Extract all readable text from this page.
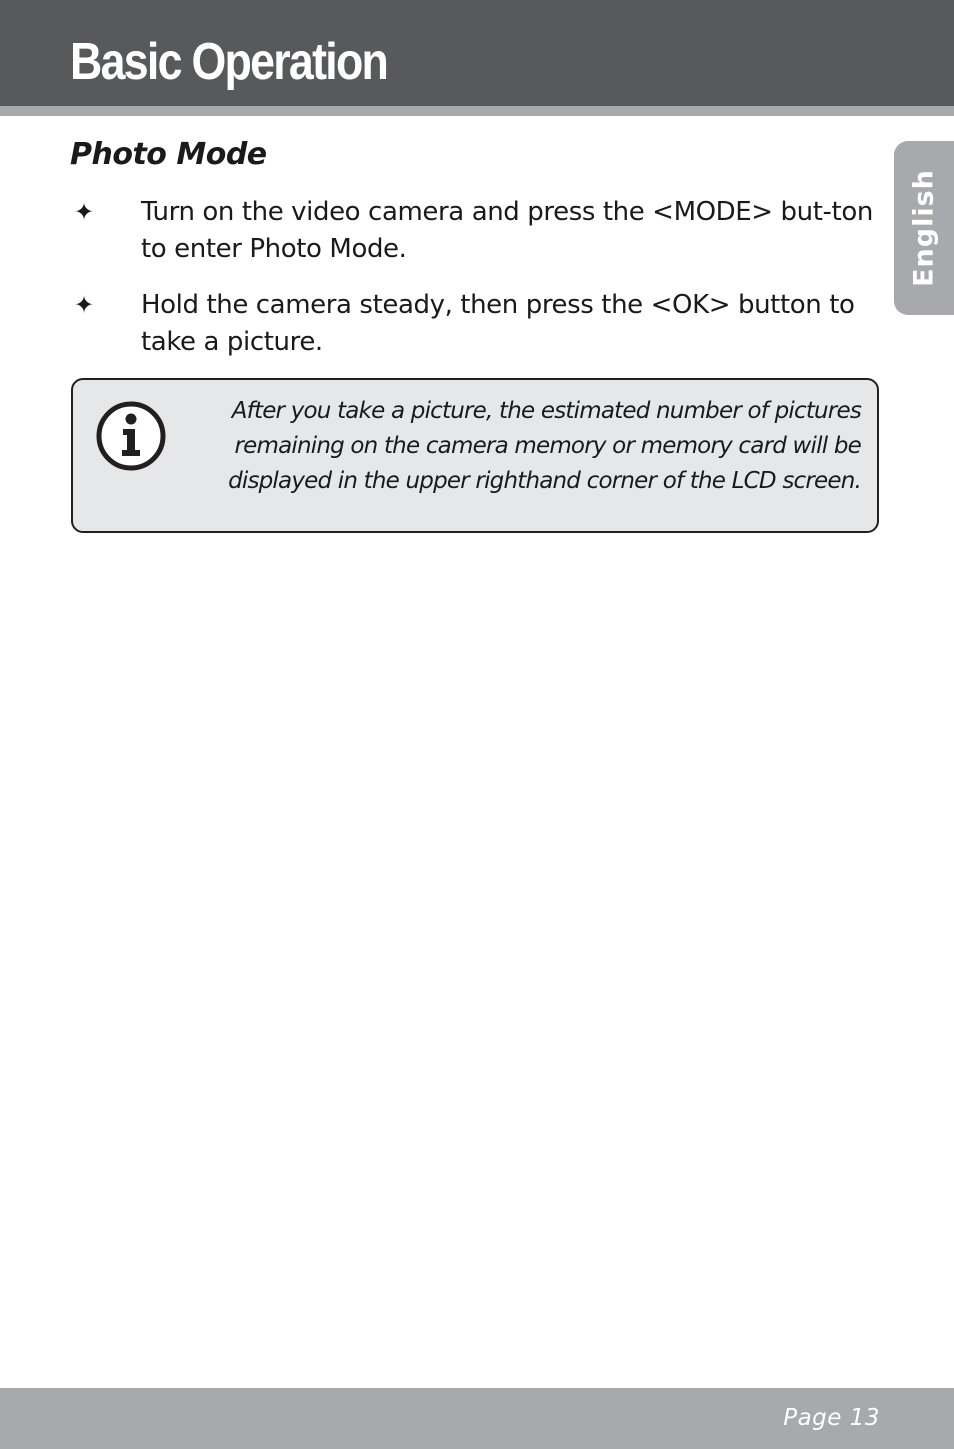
Basic Operation
English
Photo Mode
✦ Turn on the video camera and press the <MODE> but-ton to enter Photo Mode.
✦ Hold the camera steady, then press the <OK> button to take a picture.

After you take a picture, the estimated number of pictures remaining on the camera memory or memory card will be displayed in the upper righthand corner of the LCD screen.

Page 13
